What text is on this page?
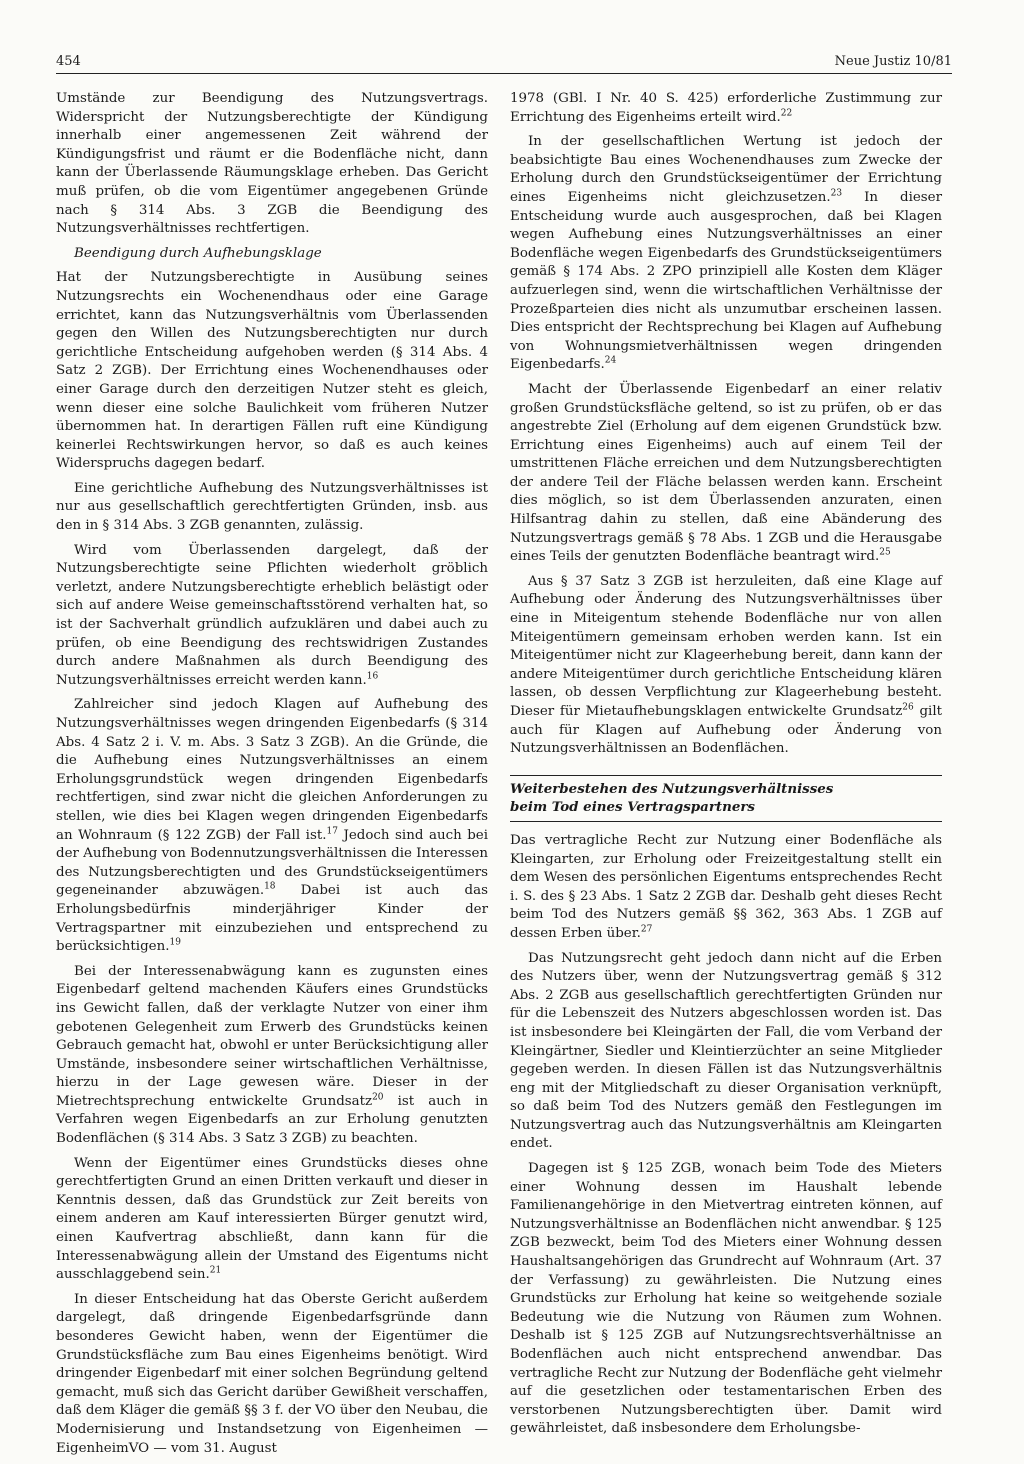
454	Neue Justiz 10/81

Umstände zur Beendigung des Nutzungsvertrags. Widerspricht der Nutzungsberechtigte der Kündigung innerhalb einer angemessenen Zeit während der Kündigungsfrist und räumt er die Bodenfläche nicht, dann kann der Überlassende Räumungsklage erheben. Das Gericht muß prüfen, ob die vom Eigentümer angegebenen Gründe nach § 314 Abs. 3 ZGB die Beendigung des Nutzungsverhältnisses rechtfertigen.

Beendigung durch Aufhebungsklage

Hat der Nutzungsberechtigte in Ausübung seines Nutzungsrechts ein Wochenendhaus oder eine Garage errichtet, kann das Nutzungsverhältnis vom Überlassenden gegen den Willen des Nutzungsberechtigten nur durch gerichtliche Entscheidung aufgehoben werden (§ 314 Abs. 4 Satz 2 ZGB). Der Errichtung eines Wochenendhauses oder einer Garage durch den derzeitigen Nutzer steht es gleich, wenn dieser eine solche Baulichkeit vom früheren Nutzer übernommen hat. In derartigen Fällen ruft eine Kündigung keinerlei Rechtswirkungen hervor, so daß es auch keines Widerspruchs dagegen bedarf.

Eine gerichtliche Aufhebung des Nutzungsverhältnisses ist nur aus gesellschaftlich gerechtfertigten Gründen, insb. aus den in § 314 Abs. 3 ZGB genannten, zulässig.

Wird vom Überlassenden dargelegt, daß der Nutzungsberechtigte seine Pflichten wiederholt gröblich verletzt, andere Nutzungsberechtigte erheblich belästigt oder sich auf andere Weise gemeinschaftsstörend verhalten hat, so ist der Sachverhalt gründlich aufzuklären und dabei auch zu prüfen, ob eine Beendigung des rechtswidrigen Zustandes durch andere Maßnahmen als durch Beendigung des Nutzungsverhältnisses erreicht werden kann.$^{16}$

Zahlreicher sind jedoch Klagen auf Aufhebung des Nutzungsverhältnisses wegen dringenden Eigenbedarfs (§ 314 Abs. 4 Satz 2 i. V. m. Abs. 3 Satz 3 ZGB). An die Gründe, die die Aufhebung eines Nutzungsverhältnisses an einem Erholungsgrundstück wegen dringenden Eigenbedarfs rechtfertigen, sind zwar nicht die gleichen Anforderungen zu stellen, wie dies bei Klagen wegen dringenden Eigenbedarfs an Wohnraum (§ 122 ZGB) der Fall ist.$^{17}$ Jedoch sind auch bei der Aufhebung von Bodennutzungsverhältnissen die Interessen des Nutzungsberechtigten und des Grundstückseigentümers gegeneinander abzuwägen.$^{18}$ Dabei ist auch das Erholungsbedürfnis minderjähriger Kinder der Vertragspartner mit einzubeziehen und entsprechend zu berücksichtigen.$^{19}$

Bei der Interessenabwägung kann es zugunsten eines Eigenbedarf geltend machenden Käufers eines Grundstücks ins Gewicht fallen, daß der verklagte Nutzer von einer ihm gebotenen Gelegenheit zum Erwerb des Grundstücks keinen Gebrauch gemacht hat, obwohl er unter Berücksichtigung aller Umstände, insbesondere seiner wirtschaftlichen Verhältnisse, hierzu in der Lage gewesen wäre. Dieser in der Mietrechtsprechung entwickelte Grundsatz$^{20}$ ist auch in Verfahren wegen Eigenbedarfs an zur Erholung genutzten Bodenflächen (§ 314 Abs. 3 Satz 3 ZGB) zu beachten.

Wenn der Eigentümer eines Grundstücks dieses ohne gerechtfertigten Grund an einen Dritten verkauft und dieser in Kenntnis dessen, daß das Grundstück zur Zeit bereits von einem anderen am Kauf interessierten Bürger genutzt wird, einen Kaufvertrag abschließt, dann kann für die Interessenabwägung allein der Umstand des Eigentums nicht ausschlaggebend sein.$^{21}$

In dieser Entscheidung hat das Oberste Gericht außerdem dargelegt, daß dringende Eigenbedarfsgründe dann besonderes Gewicht haben, wenn der Eigentümer die Grundstücksfläche zum Bau eines Eigenheims benötigt. Wird dringender Eigenbedarf mit einer solchen Begründung geltend gemacht, muß sich das Gericht darüber Gewißheit verschaffen, daß dem Kläger die gemäß §§ 3 f. der VO über den Neubau, die Modernisierung und Instandsetzung von Eigenheimen — EigenheimVO — vom 31. August

1978 (GBl. I Nr. 40 S. 425) erforderliche Zustimmung zur Errichtung des Eigenheims erteilt wird.$^{22}$

In der gesellschaftlichen Wertung ist jedoch der beabsichtigte Bau eines Wochenendhauses zum Zwecke der Erholung durch den Grundstückseigentümer der Errichtung eines Eigenheims nicht gleichzusetzen.$^{23}$ In dieser Entscheidung wurde auch ausgesprochen, daß bei Klagen wegen Aufhebung eines Nutzungsverhältnisses an einer Bodenfläche wegen Eigenbedarfs des Grundstückseigentümers gemäß § 174 Abs. 2 ZPO prinzipiell alle Kosten dem Kläger aufzuerlegen sind, wenn die wirtschaftlichen Verhältnisse der Prozeßparteien dies nicht als unzumutbar erscheinen lassen. Dies entspricht der Rechtsprechung bei Klagen auf Aufhebung von Wohnungsmietverhältnissen wegen dringenden Eigenbedarfs.$^{24}$

Macht der Überlassende Eigenbedarf an einer relativ großen Grundstücksfläche geltend, so ist zu prüfen, ob er das angestrebte Ziel (Erholung auf dem eigenen Grundstück bzw. Errichtung eines Eigenheims) auch auf einem Teil der umstrittenen Fläche erreichen und dem Nutzungsberechtigten der andere Teil der Fläche belassen werden kann. Erscheint dies möglich, so ist dem Überlassenden anzuraten, einen Hilfsantrag dahin zu stellen, daß eine Abänderung des Nutzungsvertrags gemäß § 78 Abs. 1 ZGB und die Herausgabe eines Teils der genutzten Bodenfläche beantragt wird.$^{25}$

Aus § 37 Satz 3 ZGB ist herzuleiten, daß eine Klage auf Aufhebung oder Änderung des Nutzungsverhältnisses über eine in Miteigentum stehende Bodenfläche nur von allen Miteigentümern gemeinsam erhoben werden kann. Ist ein Miteigentümer nicht zur Klageerhebung bereit, dann kann der andere Miteigentümer durch gerichtliche Entscheidung klären lassen, ob dessen Verpflichtung zur Klageerhebung besteht. Dieser für Mietaufhebungsklagen entwickelte Grundsatz$^{26}$ gilt auch für Klagen auf Aufhebung oder Änderung von Nutzungsverhältnissen an Bodenflächen.

Weiterbestehen des Nutzungsverhältnisses
beim Tod eines Vertragspartners

Das vertragliche Recht zur Nutzung einer Bodenfläche als Kleingarten, zur Erholung oder Freizeitgestaltung stellt ein dem Wesen des persönlichen Eigentums entsprechendes Recht i. S. des § 23 Abs. 1 Satz 2 ZGB dar. Deshalb geht dieses Recht beim Tod des Nutzers gemäß §§ 362, 363 Abs. 1 ZGB auf dessen Erben über.$^{27}$

Das Nutzungsrecht geht jedoch dann nicht auf die Erben des Nutzers über, wenn der Nutzungsvertrag gemäß § 312 Abs. 2 ZGB aus gesellschaftlich gerechtfertigten Gründen nur für die Lebenszeit des Nutzers abgeschlossen worden ist. Das ist insbesondere bei Kleingärten der Fall, die vom Verband der Kleingärtner, Siedler und Kleintierzüchter an seine Mitglieder gegeben werden. In diesen Fällen ist das Nutzungsverhältnis eng mit der Mitgliedschaft zu dieser Organisation verknüpft, so daß beim Tod des Nutzers gemäß den Festlegungen im Nutzungsvertrag auch das Nutzungsverhältnis am Kleingarten endet.

Dagegen ist § 125 ZGB, wonach beim Tode des Mieters einer Wohnung dessen im Haushalt lebende Familienangehörige in den Mietvertrag eintreten können, auf Nutzungsverhältnisse an Bodenflächen nicht anwendbar. § 125 ZGB bezweckt, beim Tod des Mieters einer Wohnung dessen Haushaltsangehörigen das Grundrecht auf Wohnraum (Art. 37 der Verfassung) zu gewährleisten. Die Nutzung eines Grundstücks zur Erholung hat keine so weitgehende soziale Bedeutung wie die Nutzung von Räumen zum Wohnen. Deshalb ist § 125 ZGB auf Nutzungsrechtsverhältnisse an Bodenflächen auch nicht entsprechend anwendbar. Das vertragliche Recht zur Nutzung der Bodenfläche geht vielmehr auf die gesetzlichen oder testamentarischen Erben des verstorbenen Nutzungsberechtigten über. Damit wird gewährleistet, daß insbesondere dem Erholungsbe-
